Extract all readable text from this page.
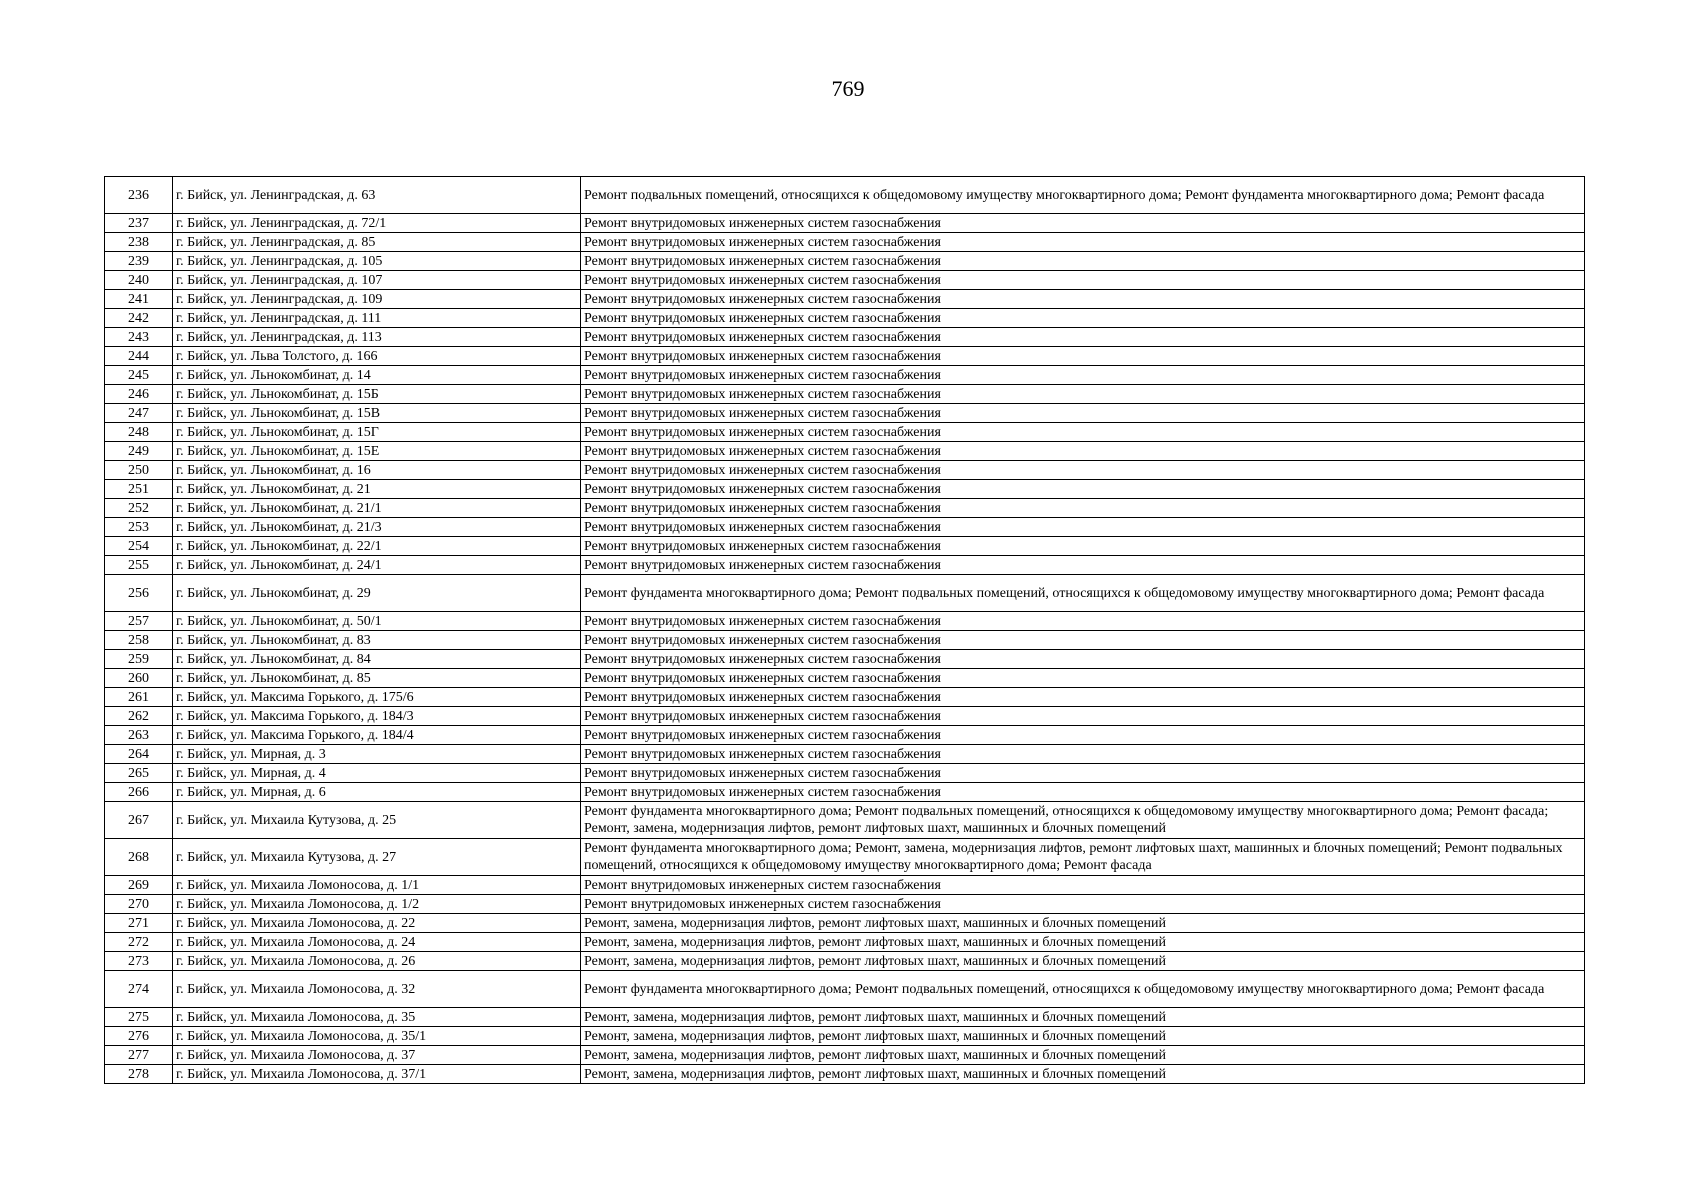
769
236	г. Бийск, ул. Ленинградская, д. 63	Ремонт подвальных помещений, относящихся к общедомовому имуществу многоквартирного дома; Ремонт фундамента многоквартирного дома; Ремонт фасада
237	г. Бийск, ул. Ленинградская, д. 72/1	Ремонт внутридомовых инженерных систем газоснабжения
238	г. Бийск, ул. Ленинградская, д. 85	Ремонт внутридомовых инженерных систем газоснабжения
239	г. Бийск, ул. Ленинградская, д. 105	Ремонт внутридомовых инженерных систем газоснабжения
240	г. Бийск, ул. Ленинградская, д. 107	Ремонт внутридомовых инженерных систем газоснабжения
241	г. Бийск, ул. Ленинградская, д. 109	Ремонт внутридомовых инженерных систем газоснабжения
242	г. Бийск, ул. Ленинградская, д. 111	Ремонт внутридомовых инженерных систем газоснабжения
243	г. Бийск, ул. Ленинградская, д. 113	Ремонт внутридомовых инженерных систем газоснабжения
244	г. Бийск, ул. Льва Толстого, д. 166	Ремонт внутридомовых инженерных систем газоснабжения
245	г. Бийск, ул. Льнокомбинат, д. 14	Ремонт внутридомовых инженерных систем газоснабжения
246	г. Бийск, ул. Льнокомбинат, д. 15Б	Ремонт внутридомовых инженерных систем газоснабжения
247	г. Бийск, ул. Льнокомбинат, д. 15В	Ремонт внутридомовых инженерных систем газоснабжения
248	г. Бийск, ул. Льнокомбинат, д. 15Г	Ремонт внутридомовых инженерных систем газоснабжения
249	г. Бийск, ул. Льнокомбинат, д. 15Е	Ремонт внутридомовых инженерных систем газоснабжения
250	г. Бийск, ул. Льнокомбинат, д. 16	Ремонт внутридомовых инженерных систем газоснабжения
251	г. Бийск, ул. Льнокомбинат, д. 21	Ремонт внутридомовых инженерных систем газоснабжения
252	г. Бийск, ул. Льнокомбинат, д. 21/1	Ремонт внутридомовых инженерных систем газоснабжения
253	г. Бийск, ул. Льнокомбинат, д. 21/3	Ремонт внутридомовых инженерных систем газоснабжения
254	г. Бийск, ул. Льнокомбинат, д. 22/1	Ремонт внутридомовых инженерных систем газоснабжения
255	г. Бийск, ул. Льнокомбинат, д. 24/1	Ремонт внутридомовых инженерных систем газоснабжения
256	г. Бийск, ул. Льнокомбинат, д. 29	Ремонт фундамента многоквартирного дома; Ремонт подвальных помещений, относящихся к общедомовому имуществу многоквартирного дома; Ремонт фасада
257	г. Бийск, ул. Льнокомбинат, д. 50/1	Ремонт внутридомовых инженерных систем газоснабжения
258	г. Бийск, ул. Льнокомбинат, д. 83	Ремонт внутридомовых инженерных систем газоснабжения
259	г. Бийск, ул. Льнокомбинат, д. 84	Ремонт внутридомовых инженерных систем газоснабжения
260	г. Бийск, ул. Льнокомбинат, д. 85	Ремонт внутридомовых инженерных систем газоснабжения
261	г. Бийск, ул. Максима Горького, д. 175/6	Ремонт внутридомовых инженерных систем газоснабжения
262	г. Бийск, ул. Максима Горького, д. 184/3	Ремонт внутридомовых инженерных систем газоснабжения
263	г. Бийск, ул. Максима Горького, д. 184/4	Ремонт внутридомовых инженерных систем газоснабжения
264	г. Бийск, ул. Мирная, д. 3	Ремонт внутридомовых инженерных систем газоснабжения
265	г. Бийск, ул. Мирная, д. 4	Ремонт внутридомовых инженерных систем газоснабжения
266	г. Бийск, ул. Мирная, д. 6	Ремонт внутридомовых инженерных систем газоснабжения
267	г. Бийск, ул. Михаила Кутузова, д. 25	Ремонт фундамента многоквартирного дома; Ремонт подвальных помещений, относящихся к общедомовому имуществу многоквартирного дома; Ремонт фасада; Ремонт, замена, модернизация лифтов, ремонт лифтовых шахт, машинных и блочных помещений
268	г. Бийск, ул. Михаила Кутузова, д. 27	Ремонт фундамента многоквартирного дома; Ремонт, замена, модернизация лифтов, ремонт лифтовых шахт, машинных и блочных помещений; Ремонт подвальных помещений, относящихся к общедомовому имуществу многоквартирного дома; Ремонт фасада
269	г. Бийск, ул. Михаила Ломоносова, д. 1/1	Ремонт внутридомовых инженерных систем газоснабжения
270	г. Бийск, ул. Михаила Ломоносова, д. 1/2	Ремонт внутридомовых инженерных систем газоснабжения
271	г. Бийск, ул. Михаила Ломоносова, д. 22	Ремонт, замена, модернизация лифтов, ремонт лифтовых шахт, машинных и блочных помещений
272	г. Бийск, ул. Михаила Ломоносова, д. 24	Ремонт, замена, модернизация лифтов, ремонт лифтовых шахт, машинных и блочных помещений
273	г. Бийск, ул. Михаила Ломоносова, д. 26	Ремонт, замена, модернизация лифтов, ремонт лифтовых шахт, машинных и блочных помещений
274	г. Бийск, ул. Михаила Ломоносова, д. 32	Ремонт фундамента многоквартирного дома; Ремонт подвальных помещений, относящихся к общедомовому имуществу многоквартирного дома; Ремонт фасада
275	г. Бийск, ул. Михаила Ломоносова, д. 35	Ремонт, замена, модернизация лифтов, ремонт лифтовых шахт, машинных и блочных помещений
276	г. Бийск, ул. Михаила Ломоносова, д. 35/1	Ремонт, замена, модернизация лифтов, ремонт лифтовых шахт, машинных и блочных помещений
277	г. Бийск, ул. Михаила Ломоносова, д. 37	Ремонт, замена, модернизация лифтов, ремонт лифтовых шахт, машинных и блочных помещений
278	г. Бийск, ул. Михаила Ломоносова, д. 37/1	Ремонт, замена, модернизация лифтов, ремонт лифтовых шахт, машинных и блочных помещений
